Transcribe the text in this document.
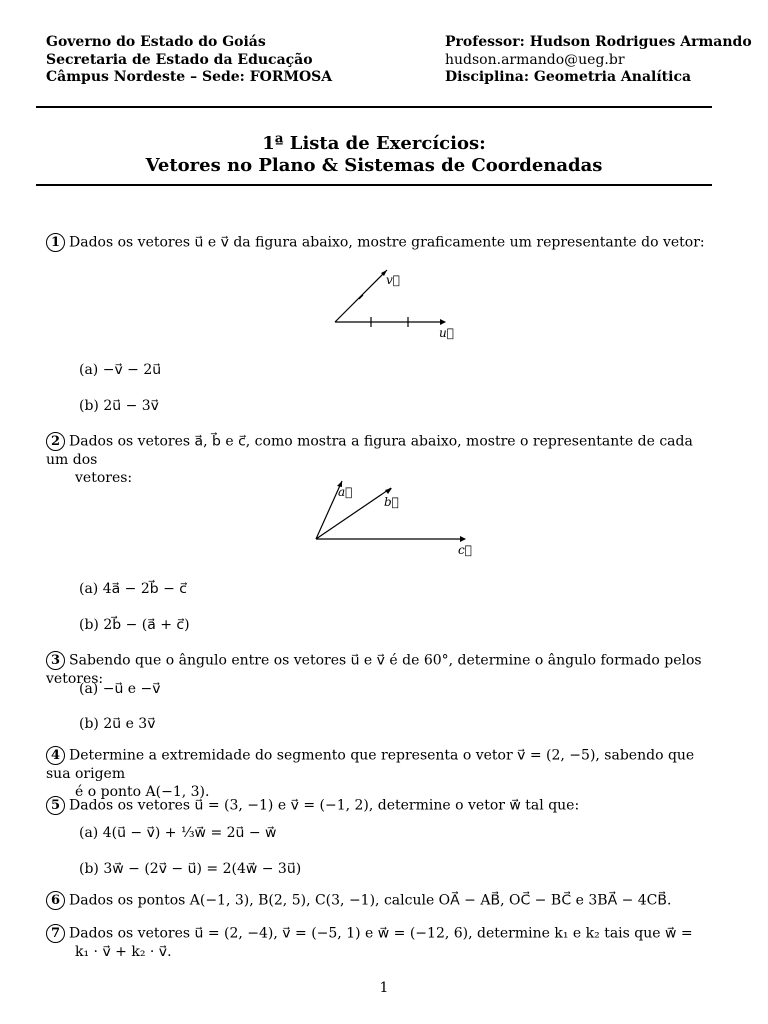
Governo do Estado do Goiás
Secretaria de Estado da Educação
Câmpus Nordeste – Sede: FORMOSA
Professor: Hudson Rodrigues Armando
hudson.armando@ueg.br
Disciplina: Geometria Analítica
1ª Lista de Exercícios:
Vetores no Plano & Sistemas de Coordenadas
1 Dados os vetores u⃗ e v⃗ da figura abaixo, mostre graficamente um representante do vetor:
v⃗
u⃗
(a) −v⃗ − 2u⃗
(b) 2u⃗ − 3v⃗
2 Dados os vetores a⃗, b⃗ e c⃗, como mostra a figura abaixo, mostre o representante de cada um dos
vetores:
a⃗
b⃗
c⃗
(a) 4a⃗ − 2b⃗ − c⃗
(b) 2b⃗ − (a⃗ + c⃗)
3 Sabendo que o ângulo entre os vetores u⃗ e v⃗ é de 60°, determine o ângulo formado pelos vetores:
(a) −u⃗ e −v⃗
(b) 2u⃗ e 3v⃗
4 Determine a extremidade do segmento que representa o vetor v⃗ = (2, −5), sabendo que sua origem
é o ponto A(−1, 3).
5 Dados os vetores u⃗ = (3, −1) e v⃗ = (−1, 2), determine o vetor w⃗ tal que:
(a) 4(u⃗ − v⃗) + ⅓w⃗ = 2u⃗ − w⃗
(b) 3w⃗ − (2v⃗ − u⃗) = 2(4w⃗ − 3u⃗)
6 Dados os pontos A(−1, 3), B(2, 5), C(3, −1), calcule OA⃗ − AB⃗, OC⃗ − BC⃗ e 3BA⃗ − 4CB⃗.
7 Dados os vetores u⃗ = (2, −4), v⃗ = (−5, 1) e w⃗ = (−12, 6), determine k₁ e k₂ tais que w⃗ =
k₁ · v⃗ + k₂ · v⃗.
1
